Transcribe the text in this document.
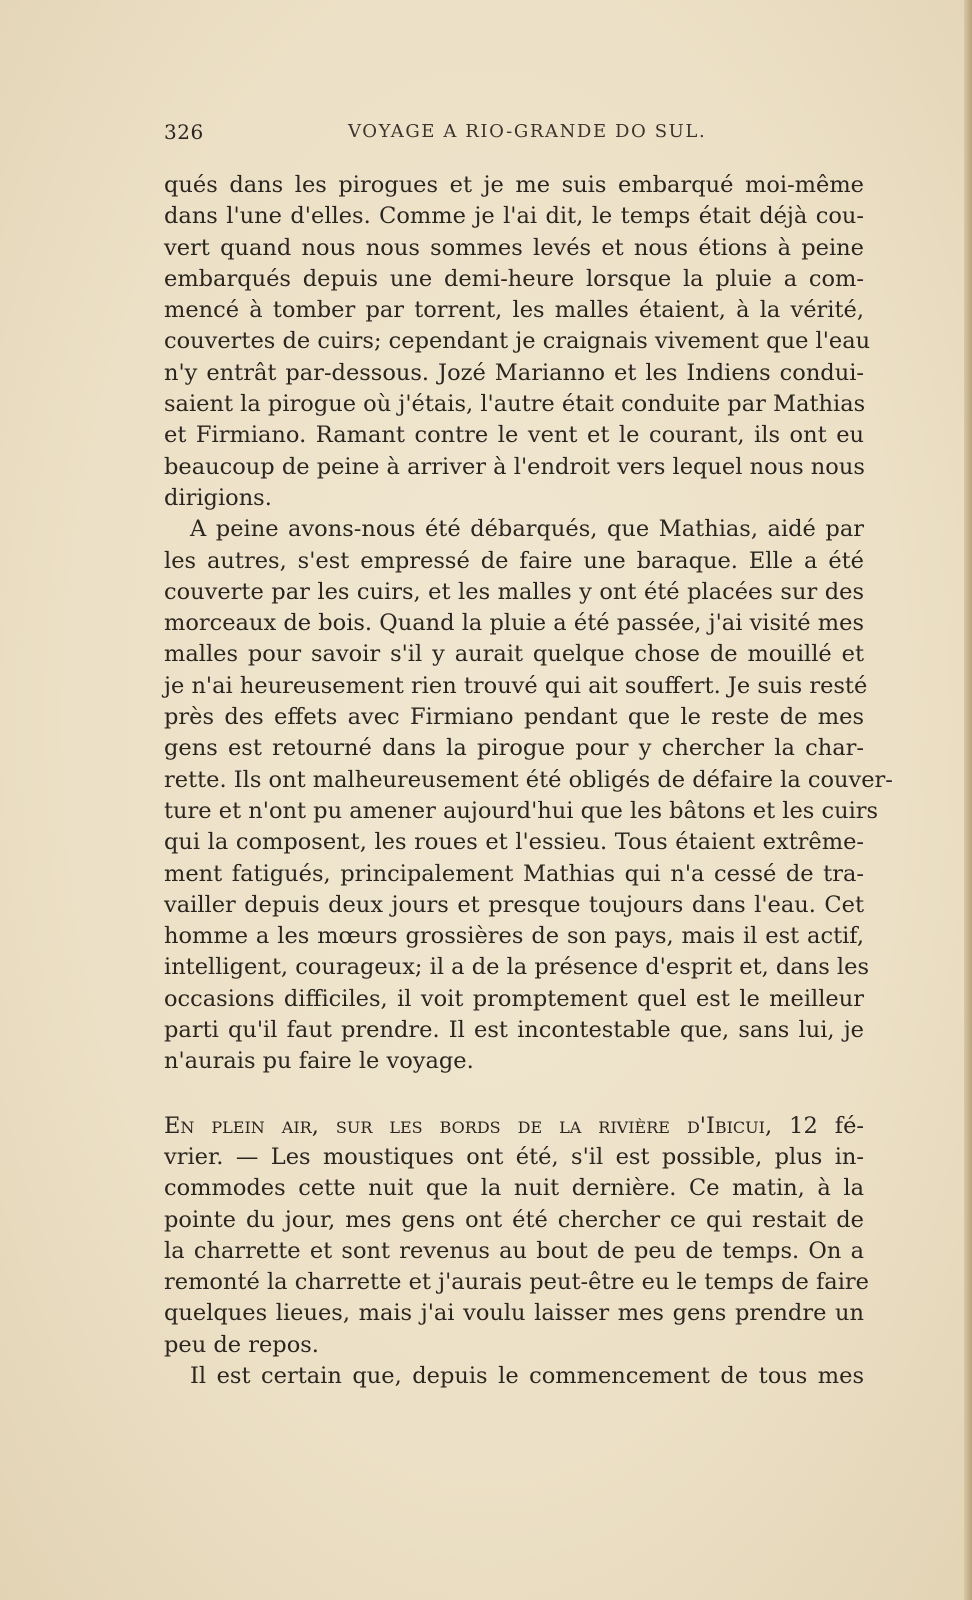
326	VOYAGE A RIO-GRANDE DO SUL.
qués dans les pirogues et je me suis embarqué moi-même
dans l'une d'elles. Comme je l'ai dit, le temps était déjà cou-
vert quand nous nous sommes levés et nous étions à peine
embarqués depuis une demi-heure lorsque la pluie a com-
mencé à tomber par torrent, les malles étaient, à la vérité,
couvertes de cuirs; cependant je craignais vivement que l'eau
n'y entrât par-dessous. Jozé Marianno et les Indiens condui-
saient la pirogue où j'étais, l'autre était conduite par Mathias
et Firmiano. Ramant contre le vent et le courant, ils ont eu
beaucoup de peine à arriver à l'endroit vers lequel nous nous
dirigions.
A peine avons-nous été débarqués, que Mathias, aidé par
les autres, s'est empressé de faire une baraque. Elle a été
couverte par les cuirs, et les malles y ont été placées sur des
morceaux de bois. Quand la pluie a été passée, j'ai visité mes
malles pour savoir s'il y aurait quelque chose de mouillé et
je n'ai heureusement rien trouvé qui ait souffert. Je suis resté
près des effets avec Firmiano pendant que le reste de mes
gens est retourné dans la pirogue pour y chercher la char-
rette. Ils ont malheureusement été obligés de défaire la couver-
ture et n'ont pu amener aujourd'hui que les bâtons et les cuirs
qui la composent, les roues et l'essieu. Tous étaient extrême-
ment fatigués, principalement Mathias qui n'a cessé de tra-
vailler depuis deux jours et presque toujours dans l'eau. Cet
homme a les mœurs grossières de son pays, mais il est actif,
intelligent, courageux; il a de la présence d'esprit et, dans les
occasions difficiles, il voit promptement quel est le meilleur
parti qu'il faut prendre. Il est incontestable que, sans lui, je
n'aurais pu faire le voyage.
En plein air, sur les bords de la rivière d'Ibicui, 12 fé-
vrier. — Les moustiques ont été, s'il est possible, plus in-
commodes cette nuit que la nuit dernière. Ce matin, à la
pointe du jour, mes gens ont été chercher ce qui restait de
la charrette et sont revenus au bout de peu de temps. On a
remonté la charrette et j'aurais peut-être eu le temps de faire
quelques lieues, mais j'ai voulu laisser mes gens prendre un
peu de repos.
Il est certain que, depuis le commencement de tous mes
